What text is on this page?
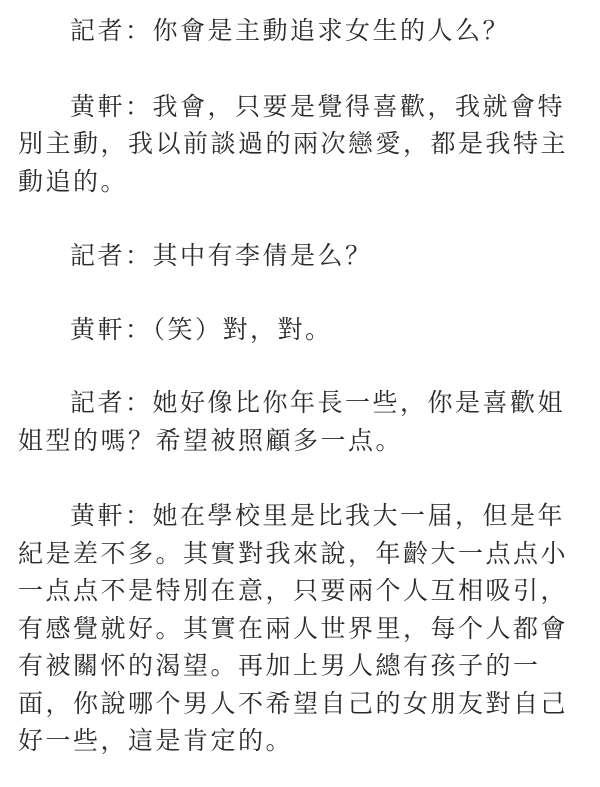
記者：你會是主動追求女生的人么？

黄軒：我會，只要是覺得喜歡，我就會特別主動，我以前談過的兩次戀愛，都是我特主動追的。

記者：其中有李倩是么？

黄軒：（笑）對，對。

記者：她好像比你年長一些，你是喜歡姐姐型的嗎？希望被照顧多一点。

黄軒：她在學校里是比我大一届，但是年紀是差不多。其實對我來說，年齡大一点点小一点点不是特別在意，只要兩个人互相吸引，有感覺就好。其實在兩人世界里，每个人都會有被關怀的渴望。再加上男人總有孩子的一面，你說哪个男人不希望自己的女朋友對自己好一些，這是肯定的。
